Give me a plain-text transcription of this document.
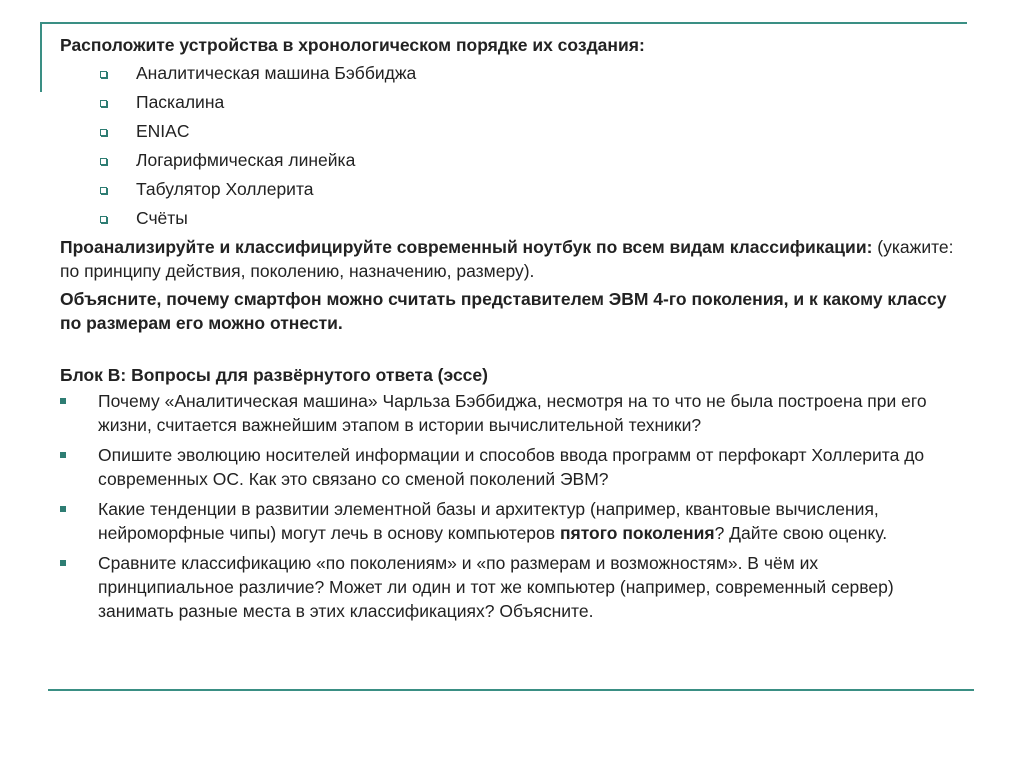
Расположите устройства в хронологическом порядке их создания:

Аналитическая машина Бэббиджа
Паскалина
ENIAC
Логарифмическая линейка
Табулятор Холлерита
Счёты

Проанализируйте и классифицируйте современный ноутбук по всем видам классификации: (укажите: по принципу действия, поколению, назначению, размеру).

Объясните, почему смартфон можно считать представителем ЭВМ 4-го поколения, и к какому классу по размерам его можно отнести.

Блок B: Вопросы для развёрнутого ответа (эссе)

Почему «Аналитическая машина» Чарльза Бэббиджа, несмотря на то что не была построена при его жизни, считается важнейшим этапом в истории вычислительной техники?
Опишите эволюцию носителей информации и способов ввода программ от перфокарт Холлерита до современных ОС. Как это связано со сменой поколений ЭВМ?
Какие тенденции в развитии элементной базы и архитектур (например, квантовые вычисления, нейроморфные чипы) могут лечь в основу компьютеров пятого поколения? Дайте свою оценку.
Сравните классификацию «по поколениям» и «по размерам и возможностям». В чём их принципиальное различие? Может ли один и тот же компьютер (например, современный сервер) занимать разные места в этих классификациях? Объясните.
